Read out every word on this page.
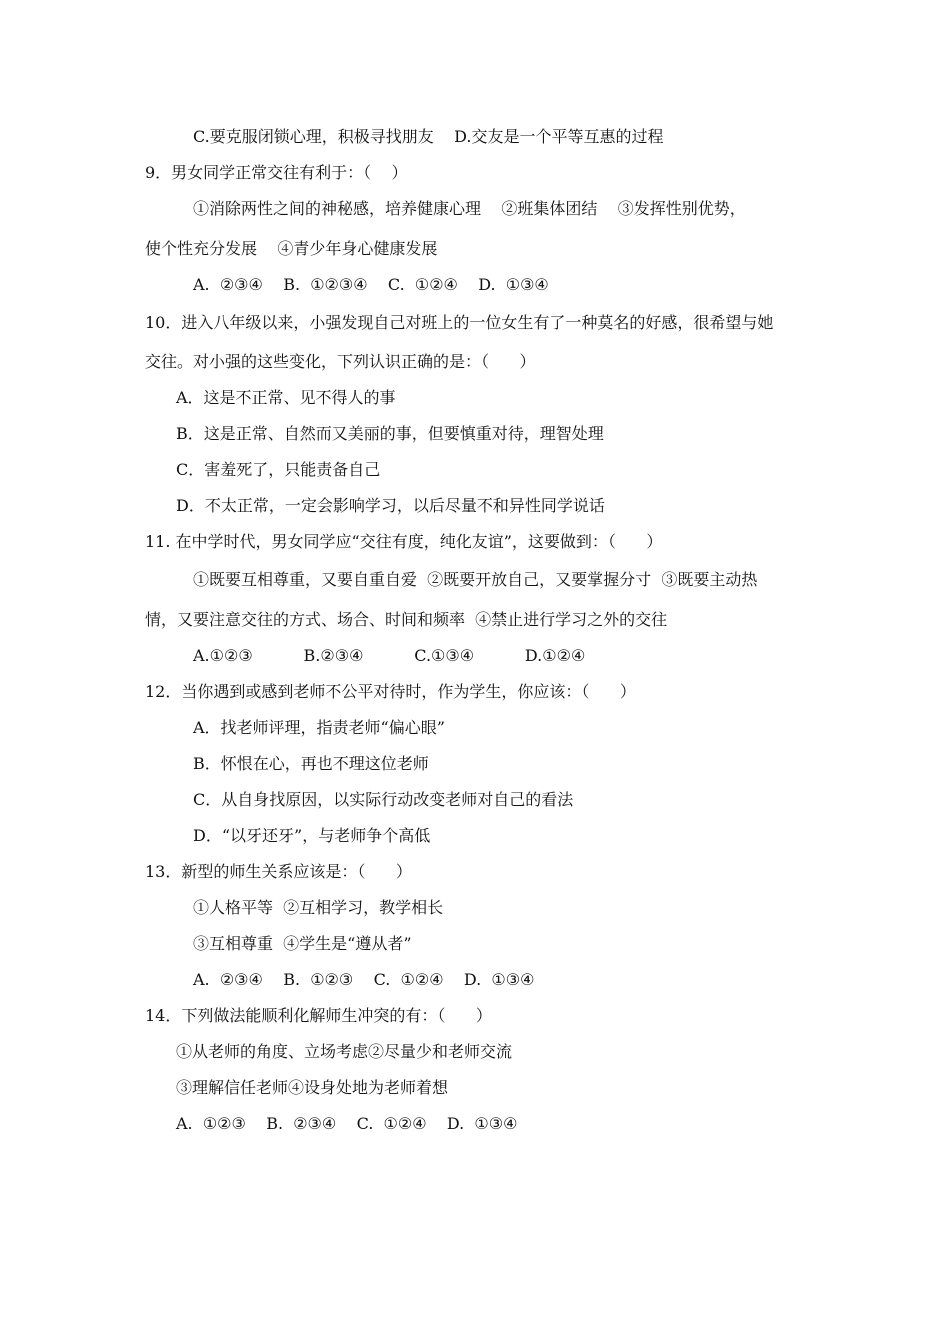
C.要克服闭锁心理，积极寻找朋友    D.交友是一个平等互惠的过程
9．男女同学正常交往有利于：（    ）
①消除两性之间的神秘感，培养健康心理    ②班集体团结    ③发挥性别优势，
使个性充分发展    ④青少年身心健康发展
A.  ②③④    B.  ①②③④    C.  ①②④    D.  ①③④
10．进入八年级以来，小强发现自己对班上的一位女生有了一种莫名的好感，很希望与她
交往。对小强的这些变化，下列认识正确的是：（      ）
A．这是不正常、见不得人的事
B．这是正常、自然而又美丽的事，但要慎重对待，理智处理
C．害羞死了，只能责备自己
D．不太正常，一定会影响学习，以后尽量不和异性同学说话
11. 在中学时代，男女同学应“交往有度，纯化友谊”，这要做到：（      ）
①既要互相尊重，又要自重自爱  ②既要开放自己，又要掌握分寸  ③既要主动热
情，又要注意交往的方式、场合、时间和频率  ④禁止进行学习之外的交往
A.①②③          B.②③④          C.①③④          D.①②④
12．当你遇到或感到老师不公平对待时，作为学生，你应该：（      ）
A．找老师评理，指责老师“偏心眼”
B．怀恨在心，再也不理这位老师
C．从自身找原因，以实际行动改变老师对自己的看法
D．“以牙还牙”，与老师争个高低
13．新型的师生关系应该是：（      ）
①人格平等  ②互相学习，教学相长
③互相尊重  ④学生是“遵从者”
A.  ②③④    B.  ①②③    C.  ①②④    D.  ①③④
14．下列做法能顺利化解师生冲突的有：（      ）
①从老师的角度、立场考虑②尽量少和老师交流
③理解信任老师④设身处地为老师着想
A.  ①②③    B.  ②③④    C.  ①②④    D.  ①③④
